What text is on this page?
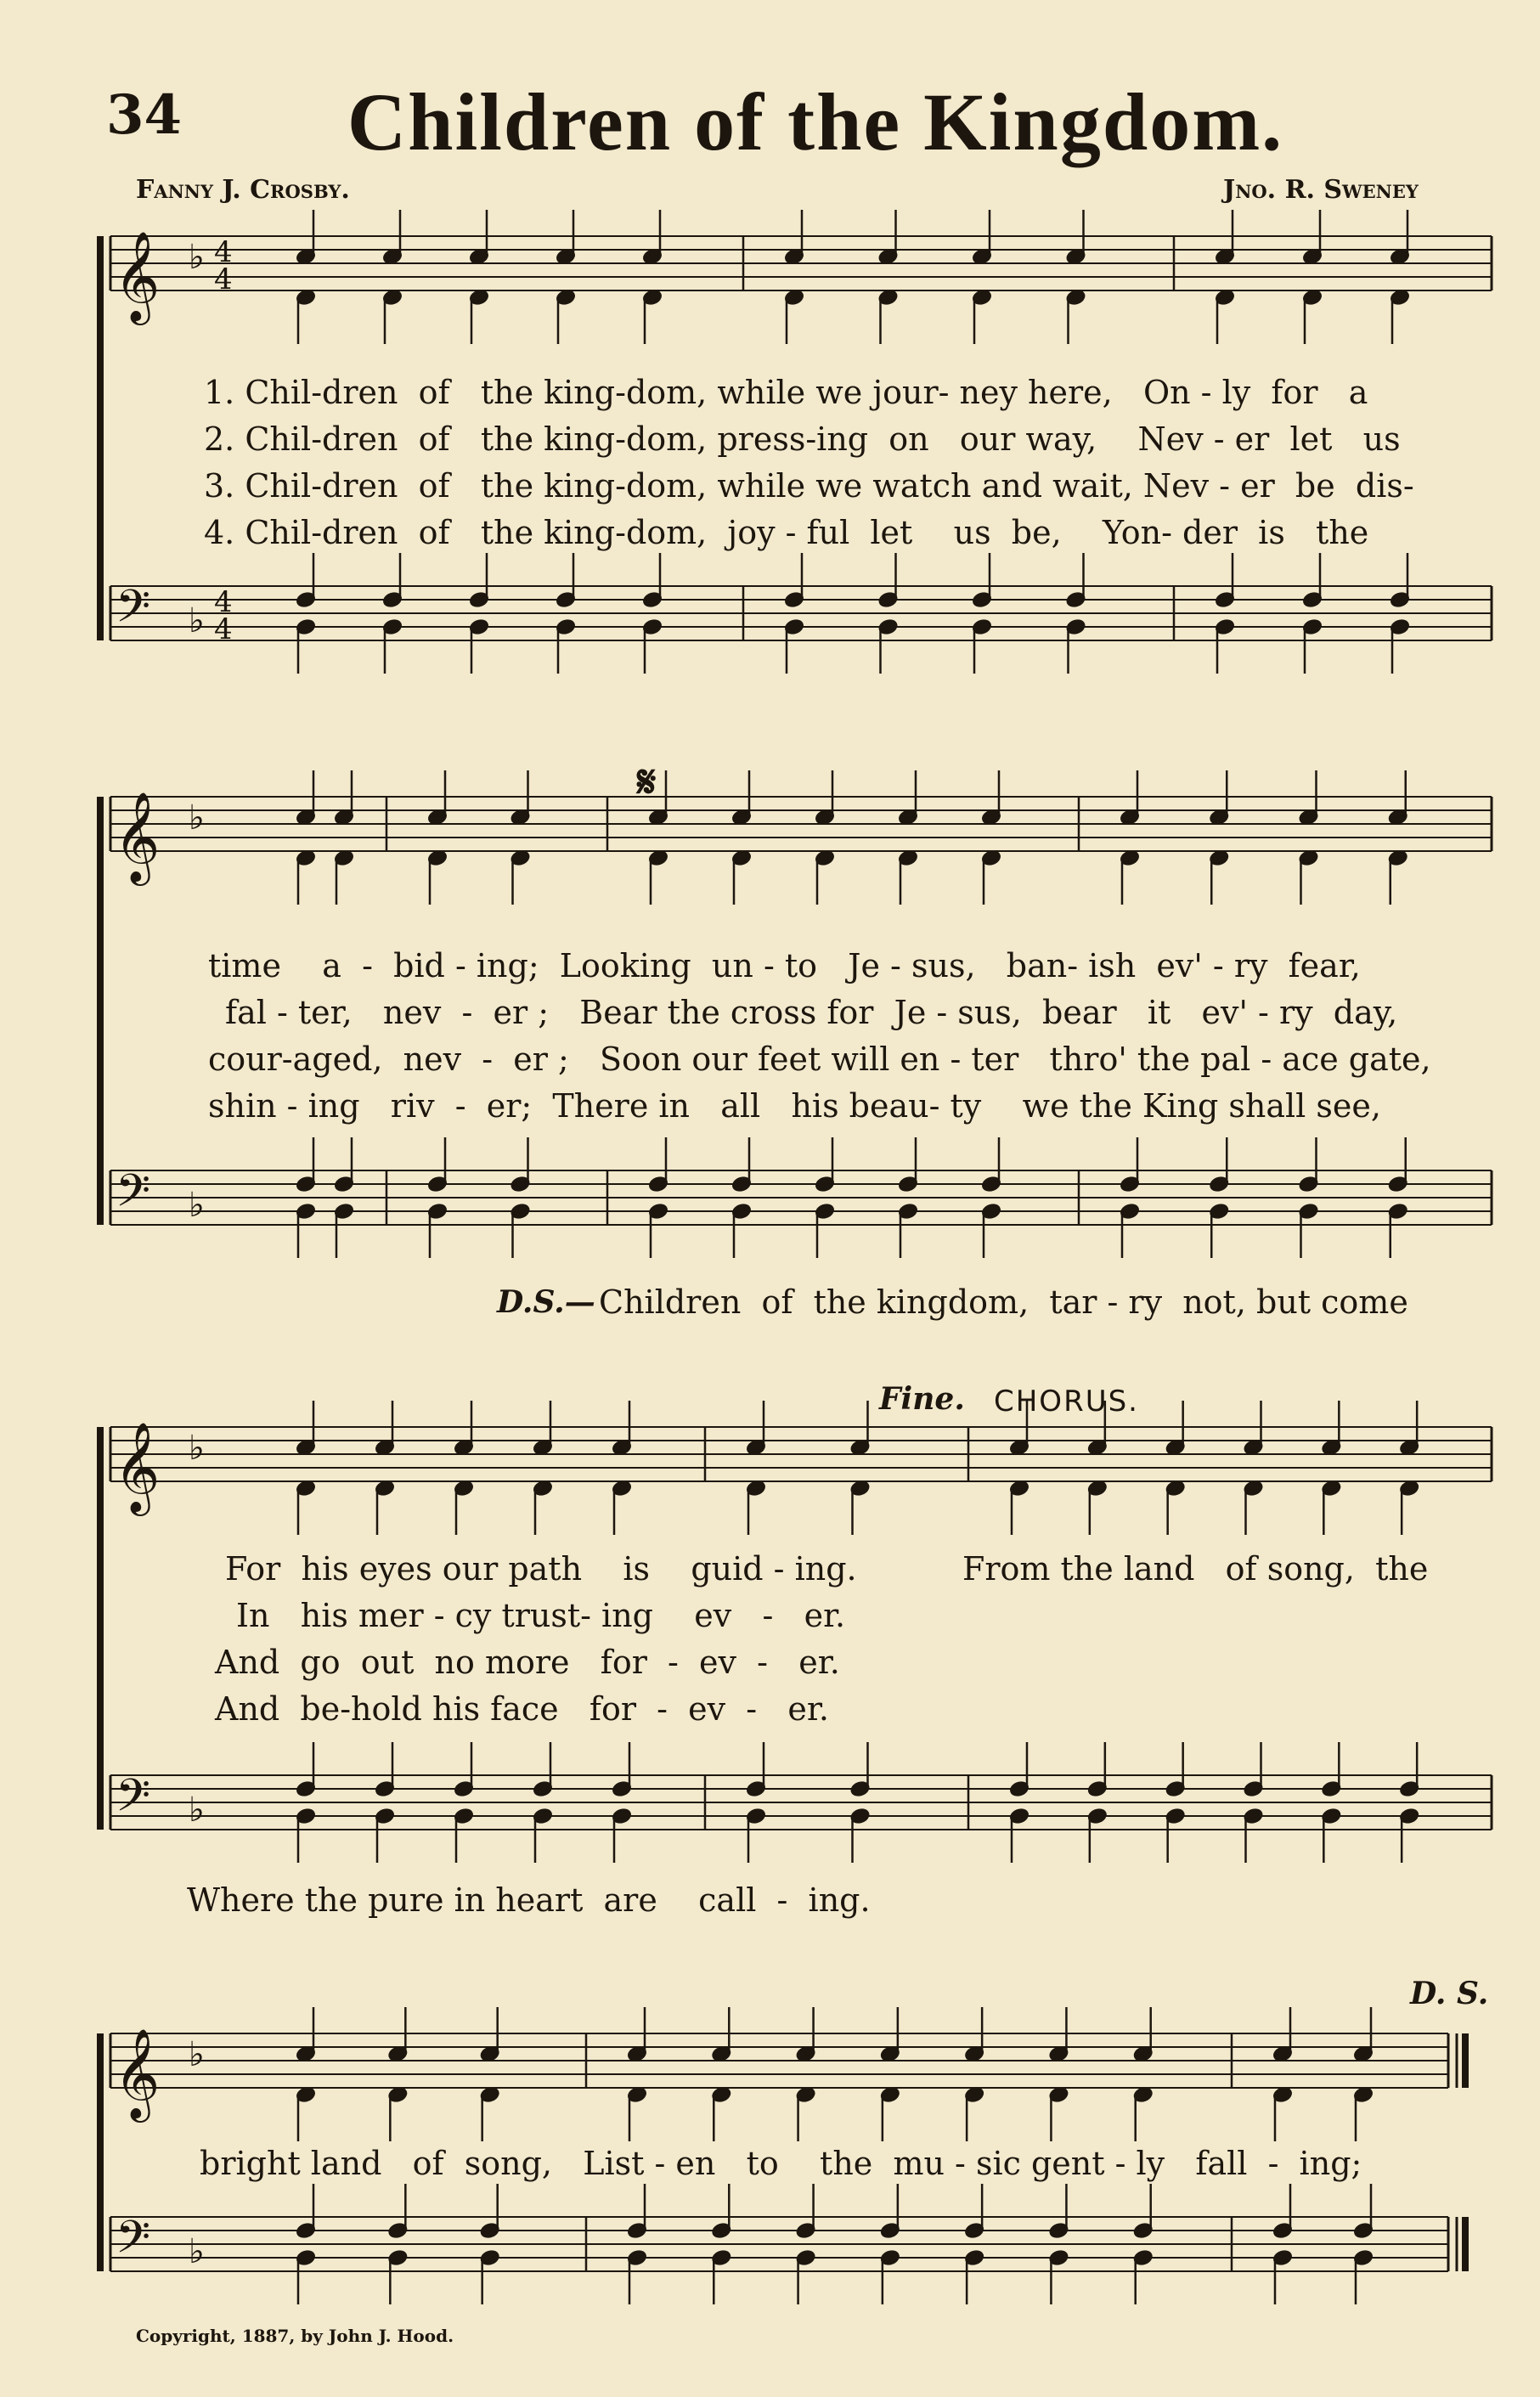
34	Children of the Kingdom.
Fanny J. Crosby.	Jno. R. Sweney
𝄞 ♭ 4
4
𝄢 ♭ 4
4
𝄞 ♭
𝄢 ♭
𝄞 ♭
𝄢 ♭
𝄞 ♭
𝄢 ♭
1. Chil-dren  of   the king-dom, while we jour- ney here,   On - ly  for   a
2. Chil-dren  of   the king-dom, press-ing  on   our way,    Nev - er  let   us
3. Chil-dren  of   the king-dom, while we watch and wait, Nev - er  be  dis-
4. Chil-dren  of   the king-dom,  joy - ful  let    us  be,    Yon- der  is   the
𝄋
time    a  -  bid - ing;  Looking  un - to   Je - sus,   ban- ish  ev' - ry  fear,
fal - ter,   nev  -  er ;   Bear the cross for  Je - sus,  bear   it   ev' - ry  day,
cour-aged,  nev  -  er ;   Soon our feet will en - ter   thro' the pal - ace gate,
shin - ing   riv  -  er;  There in   all   his beau- ty    we the King shall see,
D.S.— Children  of  the kingdom,  tar - ry  not, but come
Fine. CHORUS.
For  his eyes our path    is    guid - ing.
In   his mer - cy trust- ing    ev   -   er.
And  go  out  no more   for  -  ev  -   er.
And  be-hold his face   for  -  ev  -   er.
From the land   of song,  the
Where the pure in heart  are    call  -  ing.
D. S.
bright land   of  song,   List - en   to    the  mu - sic gent - ly   fall  -  ing;
Copyright, 1887, by John J. Hood.
